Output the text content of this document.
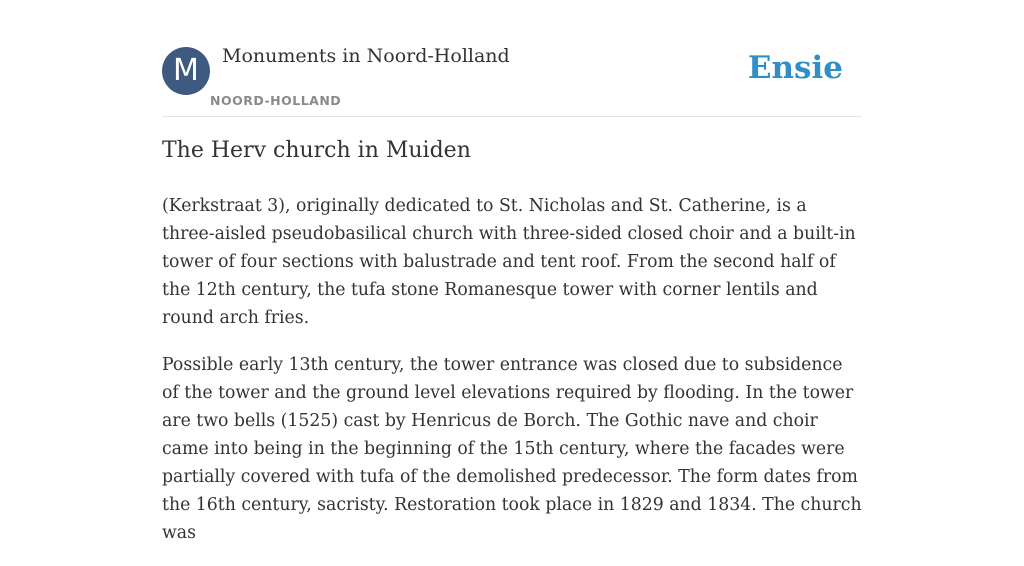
M	Monuments in Noord-Holland
NOORD-HOLLAND
Ensie
The Herv church in Muiden

(Kerkstraat 3), originally dedicated to St. Nicholas and St. Catherine, is a three-aisled pseudobasilical church with three-sided closed choir and a built-in tower of four sections with balustrade and tent roof. From the second half of the 12th century, the tufa stone Romanesque tower with corner lentils and round arch fries.

Possible early 13th century, the tower entrance was closed due to subsidence of the tower and the ground level elevations required by flooding. In the tower are two bells (1525) cast by Henricus de Borch. The Gothic nave and choir came into being in the beginning of the 15th century, where the facades were partially covered with tufa of the demolished predecessor. The form dates from the 16th century, sacristy. Restoration took place in 1829 and 1834. The church was
